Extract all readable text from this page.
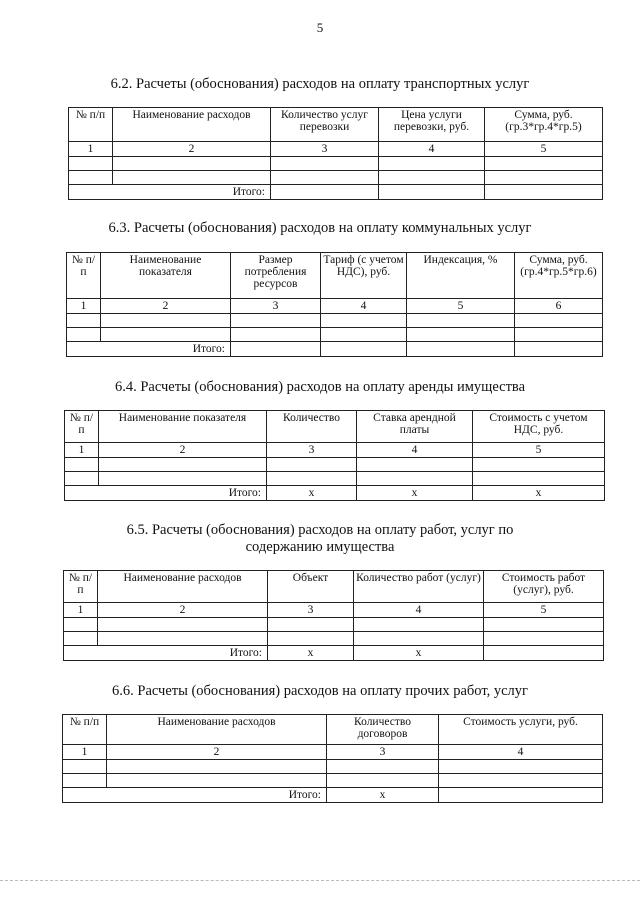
5
6.2. Расчеты (обоснования) расходов на оплату транспортных услуг
№ п/п	Наименование расходов	Количество услуг перевозки	Цена услуги перевозки, руб.	Сумма, руб. (гр.3*гр.4*гр.5)
1	2	3	4	5

Итого:				
6.3. Расчеты (обоснования) расходов на оплату коммунальных услуг
№ п/п	Наименование показателя	Размер потребления ресурсов	Тариф (с учетом НДС), руб.	Индексация, %	Сумма, руб. (гр.4*гр.5*гр.6)
1	2	3	4	5	6

Итого:					
6.4. Расчеты (обоснования) расходов на оплату аренды имущества
№ п/п	Наименование показателя	Количество	Ставка арендной платы	Стоимость с учетом НДС, руб.
1	2	3	4	5

Итого:		х	х	х
6.5. Расчеты (обоснования) расходов на оплату работ, услуг по содержанию имущества
№ п/п	Наименование расходов	Объект	Количество работ (услуг)	Стоимость работ (услуг), руб.
1	2	3	4	5

Итого:		х	х	
6.6. Расчеты (обоснования) расходов на оплату прочих работ, услуг
№ п/п	Наименование расходов	Количество договоров	Стоимость услуги, руб.
1	2	3	4

Итого:		х	
